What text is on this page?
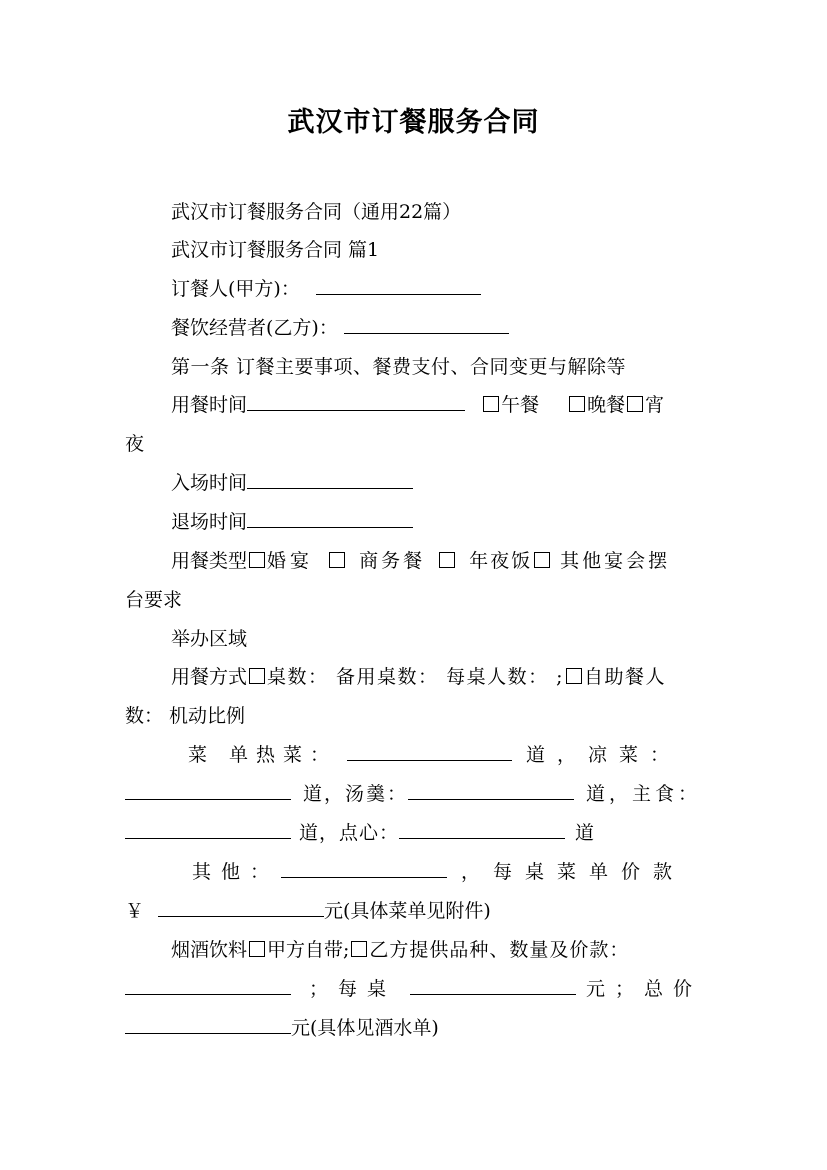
武汉市订餐服务合同
武汉市订餐服务合同（通用22篇）
武汉市订餐服务合同 篇1
订餐人(甲方)：
餐饮经营者(乙方)：
第一条 订餐主要事项、餐费支付、合同变更与解除等
用餐时间	午餐	晚餐 宵
夜
入场时间
退场时间
用餐类型 婚宴 商务餐 年夜饭 其他宴会摆
台要求
举办区域
用餐方式 桌数： 备用桌数： 每桌人数： ; 自助餐人
数： 机动比例
菜 单热菜：	道，凉菜：
道，汤羹：	道，主食：
道，点心：	道
其他：	，每桌菜单价款
￥	元(具体菜单见附件)
烟酒饮料 甲方自带; 乙方提供品种、数量及价款：
；每桌	元；总价
元(具体见酒水单)
